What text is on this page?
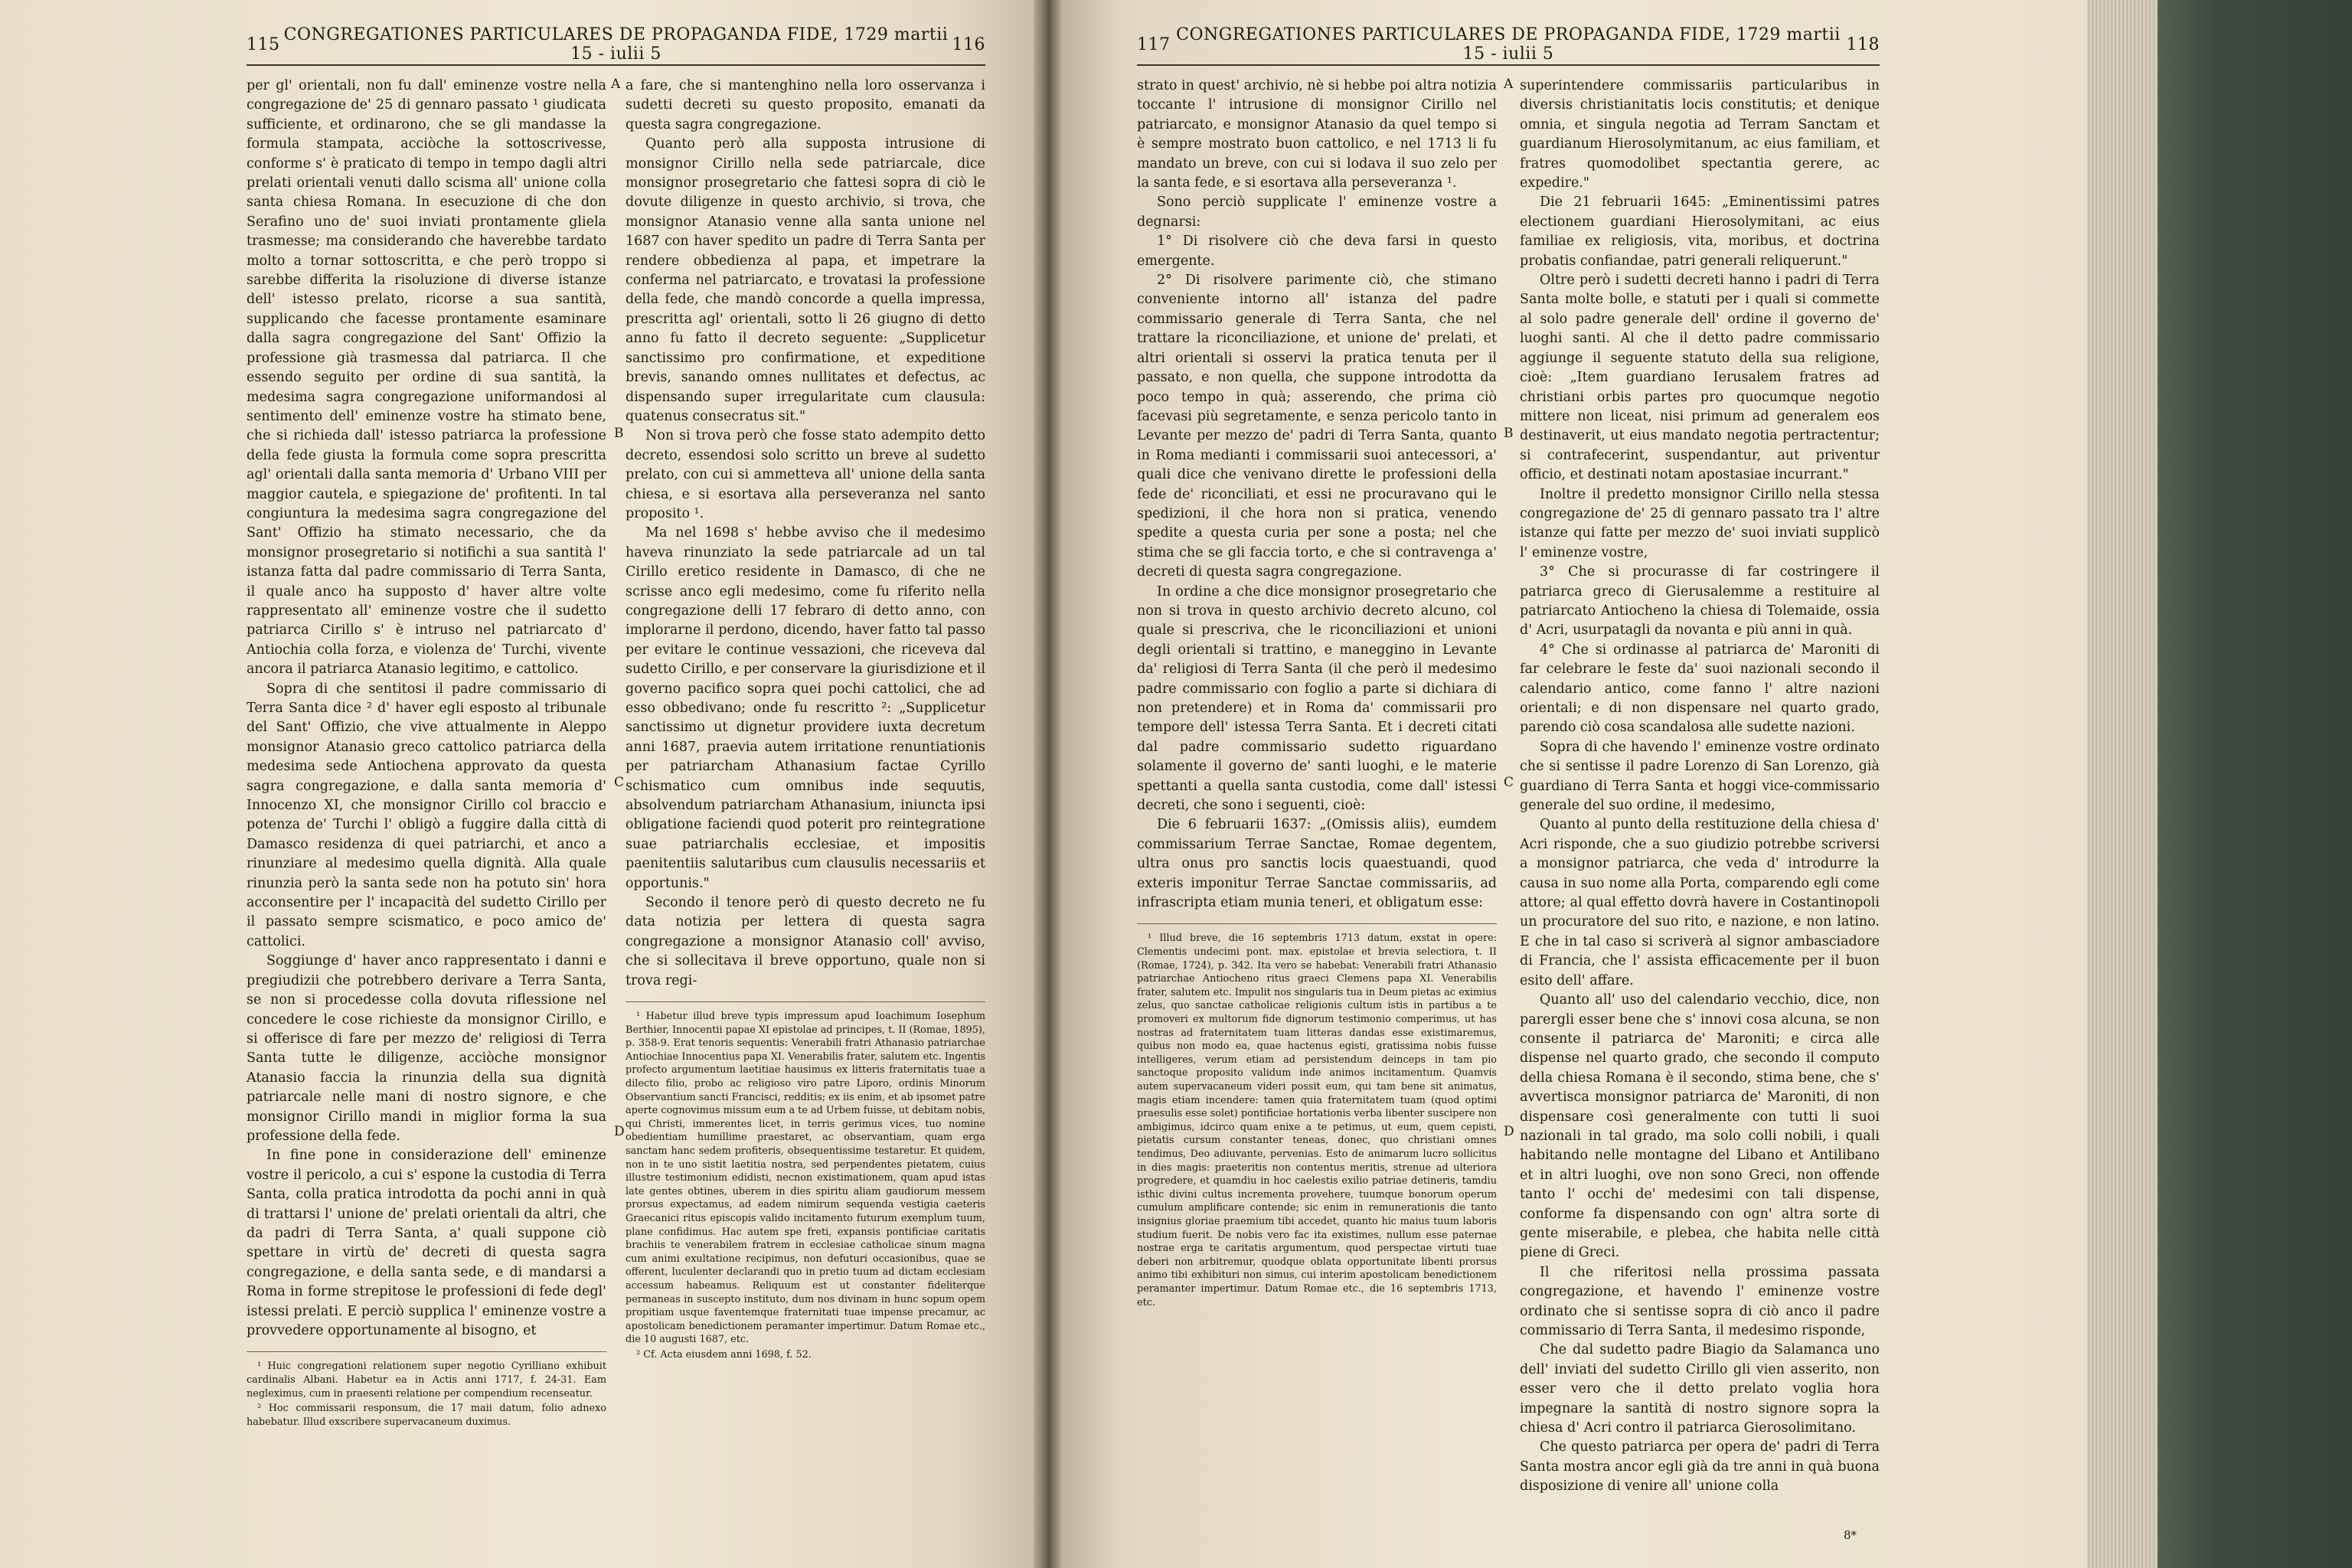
115 CONGREGATIONES PARTICULARES DE PROPAGANDA FIDE, 1729 martii 15 - iulii 5	116

per gl' orientali, non fu dall' eminenze vostre nella congregazione de' 25 di gennaro passato ¹ giudicata sufficiente, et ordinarono, che se gli mandasse la formula stampata, acciòche la sottoscrivesse, conforme s' è praticato di tempo in tempo dagli altri prelati orientali venuti dallo scisma all' unione colla santa chiesa Romana. In esecuzione di che don Serafino uno de' suoi inviati prontamente gliela trasmesse; ma considerando che haverebbe tardato molto a tornar sottoscritta, e che però troppo si sarebbe differita la risoluzione di diverse istanze dell' istesso prelato, ricorse a sua santità, supplicando che facesse prontamente esaminare dalla sagra congregazione del Sant' Offizio la professione già trasmessa dal patriarca. Il che essendo seguito per ordine di sua santità, la medesima sagra congregazione uniformandosi al sentimento dell' eminenze vostre ha stimato bene, che si richieda dall' istesso patriarca la professione della fede giusta la formula come sopra prescritta agl' orientali dalla santa memoria d' Urbano VIII per maggior cautela, e spiegazione de' profitenti. In tal congiuntura la medesima sagra congregazione del Sant' Offizio ha stimato necessario, che da monsignor prosegretario si notifichi a sua santità l' istanza fatta dal padre commissario di Terra Santa, il quale anco ha supposto d' haver altre volte rappresentato all' eminenze vostre che il sudetto patriarca Cirillo s' è intruso nel patriarcato d' Antiochia colla forza, e violenza de' Turchi, vivente ancora il patriarca Atanasio legitimo, e cattolico.

Sopra di che sentitosi il padre commissario di Terra Santa dice ² d' haver egli esposto al tribunale del Sant' Offizio, che vive attualmente in Aleppo monsignor Atanasio greco cattolico patriarca della medesima sede Antiochena approvato da questa sagra congregazione, e dalla santa memoria d' Innocenzo XI, che monsignor Cirillo col braccio e potenza de' Turchi l' obligò a fuggire dalla città di Damasco residenza di quei patriarchi, et anco a rinunziare al medesimo quella dignità. Alla quale rinunzia però la santa sede non ha potuto sin' hora acconsentire per l' incapacità del sudetto Cirillo per il passato sempre scismatico, e poco amico de' cattolici.

Soggiunge d' haver anco rappresentato i danni e pregiudizii che potrebbero derivare a Terra Santa, se non si procedesse colla dovuta riflessione nel concedere le cose richieste da monsignor Cirillo, e si offerisce di fare per mezzo de' religiosi di Terra Santa tutte le diligenze, acciòche monsignor Atanasio faccia la rinunzia della sua dignità patriarcale nelle mani di nostro signore, e che monsignor Cirillo mandi in miglior forma la sua professione della fede.

In fine pone in considerazione dell' eminenze vostre il pericolo, a cui s' espone la custodia di Terra Santa, colla pratica introdotta da pochi anni in quà di trattarsi l' unione de' prelati orientali da altri, che da padri di Terra Santa, a' quali suppone ciò spettare in virtù de' decreti di questa sagra congregazione, e della santa sede, e di mandarsi a Roma in forme strepitose le professioni di fede degl' istessi prelati. E perciò supplica l' eminenze vostre a provvedere opportunamente al bisogno, et

¹ Huic congregationi relationem super negotio Cyrilliano exhibuit cardinalis Albani. Habetur ea in Actis anni 1717, f. 24-31. Eam negleximus, cum in praesenti relatione per compendium recenseatur.

² Hoc commissarii responsum, die 17 maii datum, folio adnexo habebatur. Illud exscribere supervacaneum duximus.

a fare, che si mantenghino nella loro osservanza i sudetti decreti su questo proposito, emanati da questa sagra congregazione.

Quanto però alla supposta intrusione di monsignor Cirillo nella sede patriarcale, dice monsignor prosegretario che fattesi sopra di ciò le dovute diligenze in questo archivio, si trova, che monsignor Atanasio venne alla santa unione nel 1687 con haver spedito un padre di Terra Santa per rendere obbedienza al papa, et impetrare la conferma nel patriarcato, e trovatasi la professione della fede, che mandò concorde a quella impressa, prescritta agl' orientali, sotto li 26 giugno di detto anno fu fatto il decreto seguente: „Supplicetur sanctissimo pro confirmatione, et expeditione brevis, sanando omnes nullitates et defectus, ac dispensando super irregularitate cum clausula: quatenus consecratus sit."

Non si trova però che fosse stato adempito detto decreto, essendosi solo scritto un breve al sudetto prelato, con cui si ammetteva all' unione della santa chiesa, e si esortava alla perseveranza nel santo proposito ¹.

Ma nel 1698 s' hebbe avviso che il medesimo haveva rinunziato la sede patriarcale ad un tal Cirillo eretico residente in Damasco, di che ne scrisse anco egli medesimo, come fu riferito nella congregazione delli 17 febraro di detto anno, con implorarne il perdono, dicendo, haver fatto tal passo per evitare le continue vessazioni, che riceveva dal sudetto Cirillo, e per conservare la giurisdizione et il governo pacifico sopra quei pochi cattolici, che ad esso obbedivano; onde fu rescritto ²: „Supplicetur sanctissimo ut dignetur providere iuxta decretum anni 1687, praevia autem irritatione renuntiationis per patriarcham Athanasium factae Cyrillo schismatico cum omnibus inde sequutis, absolvendum patriarcham Athanasium, iniuncta ipsi obligatione faciendi quod poterit pro reintegratione suae patriarchalis ecclesiae, et impositis paenitentiis salutaribus cum clausulis necessariis et opportunis."

Secondo il tenore però di questo decreto ne fu data notizia per lettera di questa sagra congregazione a monsignor Atanasio coll' avviso, che si sollecitava il breve opportuno, quale non si trova regi-

¹ Habetur illud breve typis impressum apud Ioachimum Iosephum Berthier, Innocentii papae XI epistolae ad principes, t. II (Romae, 1895), p. 358-9. Erat tenoris sequentis: Venerabili fratri Athanasio patriarchae Antiochiae Innocentius papa XI. Venerabilis frater, salutem etc. Ingentis profecto argumentum laetitiae hausimus ex litteris fraternitatis tuae a dilecto filio, probo ac religioso viro patre Liporo, ordinis Minorum Observantium sancti Francisci, redditis; ex iis enim, et ab ipsomet patre aperte cognovimus missum eum a te ad Urbem fuisse, ut debitam nobis, qui Christi, immerentes licet, in terris gerimus vices, tuo nomine obedientiam humillime praestaret, ac observantiam, quam erga sanctam hanc sedem profiteris, obsequentissime testaretur. Et quidem, non in te uno sistit laetitia nostra, sed perpendentes pietatem, cuius illustre testimonium edidisti, necnon existimationem, quam apud istas late gentes obtines, uberem in dies spiritu aliam gaudiorum messem prorsus expectamus, ad eadem nimirum sequenda vestigia caeteris Graecanici ritus episcopis valido incitamento futurum exemplum tuum, plane confidimus. Hac autem spe freti, expansis pontificiae caritatis brachiis te venerabilem fratrem in ecclesiae catholicae sinum magna cum animi exultatione recipimus, non defuturi occasionibus, quae se offerent, luculenter declarandi quo in pretio tuum ad dictam ecclesiam accessum habeamus. Reliquum est ut constanter fideliterque permaneas in suscepto instituto, dum nos divinam in hunc sopum opem propitiam usque faventemque fraternitati tuae impense precamur, ac apostolicam benedictionem peramanter impertimur. Datum Romae etc., die 10 augusti 1687, etc.

² Cf. Acta eiusdem anni 1698, f. 52.

A
B
C
D
117 CONGREGATIONES PARTICULARES DE PROPAGANDA FIDE, 1729 martii 15 - iulii 5	118

strato in quest' archivio, nè si hebbe poi altra notizia toccante l' intrusione di monsignor Cirillo nel patriarcato, e monsignor Atanasio da quel tempo si è sempre mostrato buon cattolico, e nel 1713 li fu mandato un breve, con cui si lodava il suo zelo per la santa fede, e si esortava alla perseveranza ¹.

Sono perciò supplicate l' eminenze vostre a degnarsi:

1° Di risolvere ciò che deva farsi in questo emergente.

2° Di risolvere parimente ciò, che stimano conveniente intorno all' istanza del padre commissario generale di Terra Santa, che nel trattare la riconciliazione, et unione de' prelati, et altri orientali si osservi la pratica tenuta per il passato, e non quella, che suppone introdotta da poco tempo in quà; asserendo, che prima ciò facevasi più segretamente, e senza pericolo tanto in Levante per mezzo de' padri di Terra Santa, quanto in Roma medianti i commissarii suoi antecessori, a' quali dice che venivano dirette le professioni della fede de' riconciliati, et essi ne procuravano qui le spedizioni, il che hora non si pratica, venendo spedite a questa curia per sone a posta; nel che stima che se gli faccia torto, e che si contravenga a' decreti di questa sagra congregazione.

In ordine a che dice monsignor prosegretario che non si trova in questo archivio decreto alcuno, col quale si prescriva, che le riconciliazioni et unioni degli orientali si trattino, e maneggino in Levante da' religiosi di Terra Santa (il che però il medesimo padre commissario con foglio a parte si dichiara di non pretendere) et in Roma da' commissarii pro tempore dell' istessa Terra Santa. Et i decreti citati dal padre commissario sudetto riguardano solamente il governo de' santi luoghi, e le materie spettanti a quella santa custodia, come dall' istessi decreti, che sono i seguenti, cioè:

Die 6 februarii 1637: „(Omissis aliis), eumdem commissarium Terrae Sanctae, Romae degentem, ultra onus pro sanctis locis quaestuandi, quod exteris imponitur Terrae Sanctae commissariis, ad infrascripta etiam munia teneri, et obligatum esse:

¹ Illud breve, die 16 septembris 1713 datum, exstat in opere: Clementis undecimi pont. max. epistolae et brevia selectiora, t. II (Romae, 1724), p. 342. Ita vero se habebat: Venerabili fratri Athanasio patriarchae Antiocheno ritus graeci Clemens papa XI. Venerabilis frater, salutem etc. Impulit nos singularis tua in Deum pietas ac eximius zelus, quo sanctae catholicae religionis cultum istis in partibus a te promoveri ex multorum fide dignorum testimonio comperimus, ut has nostras ad fraternitatem tuam litteras dandas esse existimaremus, quibus non modo ea, quae hactenus egisti, gratissima nobis fuisse intelligeres, verum etiam ad persistendum deinceps in tam pio sanctoque proposito validum inde animos incitamentum. Quamvis autem supervacaneum videri possit eum, qui tam bene sit animatus, magis etiam incendere: tamen quia fraternitatem tuam (quod optimi praesulis esse solet) pontificiae hortationis verba libenter suscipere non ambigimus, idcirco quam enixe a te petimus, ut eum, quem cepisti, pietatis cursum constanter teneas, donec, quo christiani omnes tendimus, Deo adiuvante, pervenias. Esto de animarum lucro sollicitus in dies magis: praeteritis non contentus meritis, strenue ad ulteriora progredere, et quamdiu in hoc caelestis exilio patriae detineris, tamdiu isthic divini cultus incrementa provehere, tuumque bonorum operum cumulum amplificare contende; sic enim in remunerationis die tanto insignius gloriae praemium tibi accedet, quanto hic maius tuum laboris studium fuerit. De nobis vero fac ita existimes, nullum esse paternae nostrae erga te caritatis argumentum, quod perspectae virtuti tuae deberi non arbitremur, quodque oblata opportunitate libenti prorsus animo tibi exhibituri non simus, cui interim apostolicam benedictionem peramanter impertimur. Datum Romae etc., die 16 septembris 1713, etc.

superintendere commissariis particularibus in diversis christianitatis locis constitutis; et denique omnia, et singula negotia ad Terram Sanctam et guardianum Hierosolymitanum, ac eius familiam, et fratres quomodolibet spectantia gerere, ac expedire."

Die 21 februarii 1645: „Eminentissimi patres electionem guardiani Hierosolymitani, ac eius familiae ex religiosis, vita, moribus, et doctrina probatis confiandae, patri generali reliquerunt."

Oltre però i sudetti decreti hanno i padri di Terra Santa molte bolle, e statuti per i quali si commette al solo padre generale dell' ordine il governo de' luoghi santi. Al che il detto padre commissario aggiunge il seguente statuto della sua religione, cioè: „Item guardiano Ierusalem fratres ad christiani orbis partes pro quocumque negotio mittere non liceat, nisi primum ad generalem eos destinaverit, ut eius mandato negotia pertractentur; si contrafecerint, suspendantur, aut priventur officio, et destinati notam apostasiae incurrant."

Inoltre il predetto monsignor Cirillo nella stessa congregazione de' 25 di gennaro passato tra l' altre istanze qui fatte per mezzo de' suoi inviati supplicò l' eminenze vostre,

3° Che si procurasse di far costringere il patriarca greco di Gierusalemme a restituire al patriarcato Antiocheno la chiesa di Tolemaide, ossia d' Acri, usurpatagli da novanta e più anni in quà.

4° Che si ordinasse al patriarca de' Maroniti di far celebrare le feste da' suoi nazionali secondo il calendario antico, come fanno l' altre nazioni orientali; e di non dispensare nel quarto grado, parendo ciò cosa scandalosa alle sudette nazioni.

Sopra di che havendo l' eminenze vostre ordinato che si sentisse il padre Lorenzo di San Lorenzo, già guardiano di Terra Santa et hoggi vice-commissario generale del suo ordine, il medesimo,

Quanto al punto della restituzione della chiesa d' Acri risponde, che a suo giudizio potrebbe scriversi a monsignor patriarca, che veda d' introdurre la causa in suo nome alla Porta, comparendo egli come attore; al qual effetto dovrà havere in Costantinopoli un procuratore del suo rito, e nazione, e non latino. E che in tal caso si scriverà al signor ambasciadore di Francia, che l' assista efficacemente per il buon esito dell' affare.

Quanto all' uso del calendario vecchio, dice, non parergli esser bene che s' innovi cosa alcuna, se non consente il patriarca de' Maroniti; e circa alle dispense nel quarto grado, che secondo il computo della chiesa Romana è il secondo, stima bene, che s' avvertisca monsignor patriarca de' Maroniti, di non dispensare così generalmente con tutti li suoi nazionali in tal grado, ma solo colli nobili, i quali habitando nelle montagne del Libano et Antilibano et in altri luoghi, ove non sono Greci, non offende tanto l' occhi de' medesimi con tali dispense, conforme fa dispensando con ogn' altra sorte di gente miserabile, e plebea, che habita nelle città piene di Greci.

Il che riferitosi nella prossima passata congregazione, et havendo l' eminenze vostre ordinato che si sentisse sopra di ciò anco il padre commissario di Terra Santa, il medesimo risponde,

Che dal sudetto padre Biagio da Salamanca uno dell' inviati del sudetto Cirillo gli vien asserito, non esser vero che il detto prelato voglia hora impegnare la santità di nostro signore sopra la chiesa d' Acri contro il patriarca Gierosolimitano.

Che questo patriarca per opera de' padri di Terra Santa mostra ancor egli già da tre anni in quà buona disposizione di venire all' unione colla

A
B
C
D
8*
